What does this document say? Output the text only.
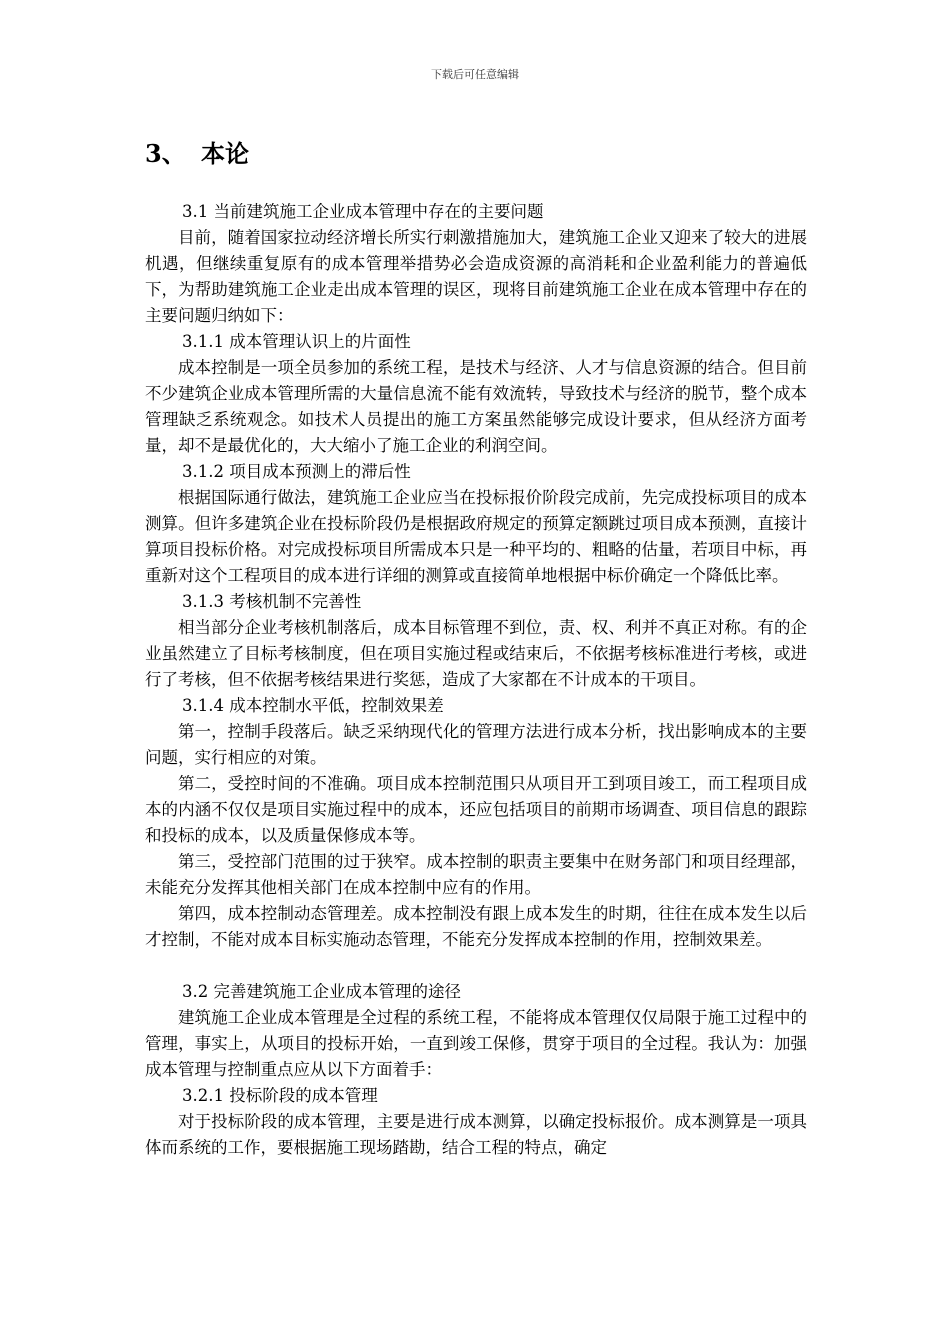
下载后可任意编辑
3、 本论

3.1 当前建筑施工企业成本管理中存在的主要问题

目前，随着国家拉动经济增长所实行刺激措施加大，建筑施工企业又迎来了较大的进展机遇，但继续重复原有的成本管理举措势必会造成资源的高消耗和企业盈利能力的普遍低下，为帮助建筑施工企业走出成本管理的误区，现将目前建筑施工企业在成本管理中存在的主要问题归纳如下：

3.1.1 成本管理认识上的片面性

成本控制是一项全员参加的系统工程，是技术与经济、人才与信息资源的结合。但目前不少建筑企业成本管理所需的大量信息流不能有效流转，导致技术与经济的脱节，整个成本管理缺乏系统观念。如技术人员提出的施工方案虽然能够完成设计要求，但从经济方面考量，却不是最优化的，大大缩小了施工企业的利润空间。

3.1.2 项目成本预测上的滞后性

根据国际通行做法，建筑施工企业应当在投标报价阶段完成前，先完成投标项目的成本测算。但许多建筑企业在投标阶段仍是根据政府规定的预算定额跳过项目成本预测，直接计算项目投标价格。对完成投标项目所需成本只是一种平均的、粗略的估量，若项目中标，再重新对这个工程项目的成本进行详细的测算或直接简单地根据中标价确定一个降低比率。

3.1.3 考核机制不完善性

相当部分企业考核机制落后，成本目标管理不到位，责、权、利并不真正对称。有的企业虽然建立了目标考核制度，但在项目实施过程或结束后，不依据考核标准进行考核，或进行了考核，但不依据考核结果进行奖惩，造成了大家都在不计成本的干项目。

3.1.4 成本控制水平低，控制效果差

第一，控制手段落后。缺乏采纳现代化的管理方法进行成本分析，找出影响成本的主要问题，实行相应的对策。

第二，受控时间的不准确。项目成本控制范围只从项目开工到项目竣工，而工程项目成本的内涵不仅仅是项目实施过程中的成本，还应包括项目的前期市场调查、项目信息的跟踪和投标的成本，以及质量保修成本等。

第三，受控部门范围的过于狭窄。成本控制的职责主要集中在财务部门和项目经理部，未能充分发挥其他相关部门在成本控制中应有的作用。

第四，成本控制动态管理差。成本控制没有跟上成本发生的时期，往往在成本发生以后才控制，不能对成本目标实施动态管理，不能充分发挥成本控制的作用，控制效果差。

3.2 完善建筑施工企业成本管理的途径

建筑施工企业成本管理是全过程的系统工程，不能将成本管理仅仅局限于施工过程中的管理，事实上，从项目的投标开始，一直到竣工保修，贯穿于项目的全过程。我认为：加强成本管理与控制重点应从以下方面着手：

3.2.1 投标阶段的成本管理

对于投标阶段的成本管理，主要是进行成本测算，以确定投标报价。成本测算是一项具体而系统的工作，要根据施工现场踏勘，结合工程的特点，确定
